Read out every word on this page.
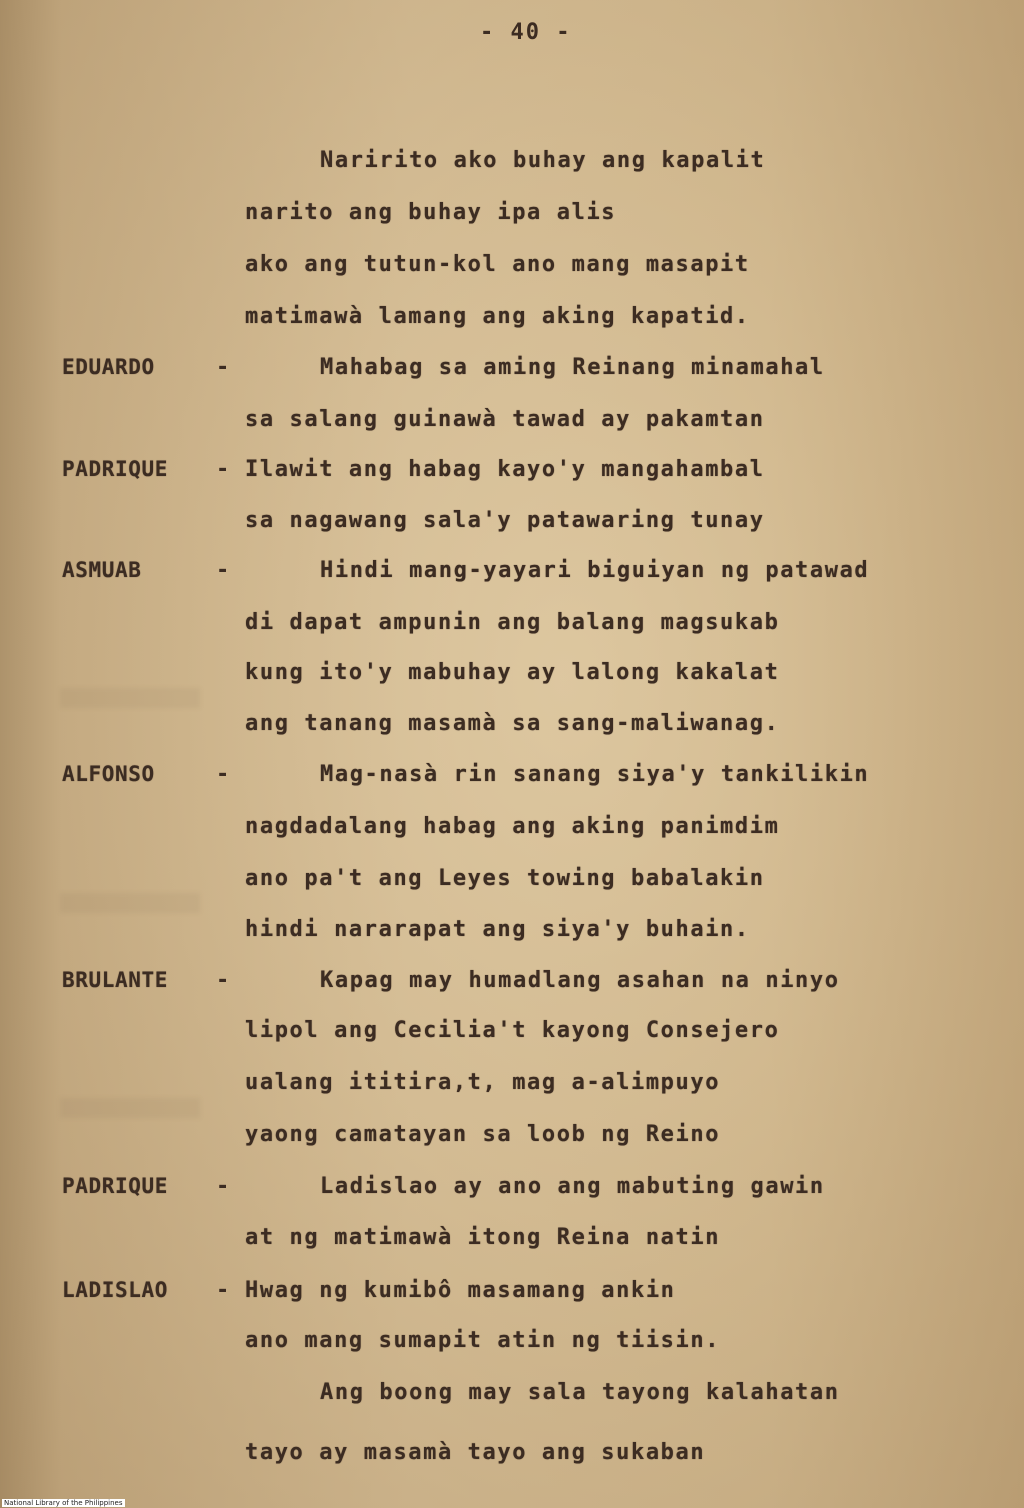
- 40 -
Naririto ako buhay ang kapalit
narito ang buhay ipa alis
ako ang tutun-kol ano mang masapit
matimawà lamang ang aking kapatid.
EDUARDO	-	Mahabag sa aming Reinang minamahal
sa salang guinawà tawad ay pakamtan
PADRIQUE - Ilawit ang habag kayo'y mangahambal
sa nagawang sala'y patawaring tunay
ASMUAB	-	Hindi mang-yayari biguiyan ng patawad
di dapat ampunin ang balang magsukab
kung ito'y mabuhay ay lalong kakalat
ang tanang masamà sa sang-maliwanag.
ALFONSO	-	Mag-nasà rin sanang siya'y tankilikin
nagdadalang habag ang aking panimdim
ano pa't ang Leyes towing babalakin
hindi nararapat ang siya'y buhain.
BRULANTE -	Kapag may humadlang asahan na ninyo
lipol ang Cecilia't kayong Consejero
ualang ititira,t, mag a-alimpuyo
yaong camatayan sa loob ng Reino
PADRIQUE -	Ladislao ay ano ang mabuting gawin
at ng matimawà itong Reina natin
LADISLAO - Hwag ng kumibô masamang ankin
ano mang sumapit atin ng tiisin.
Ang boong may sala tayong kalahatan
tayo ay masamà tayo ang sukaban
National Library of the Philippines
